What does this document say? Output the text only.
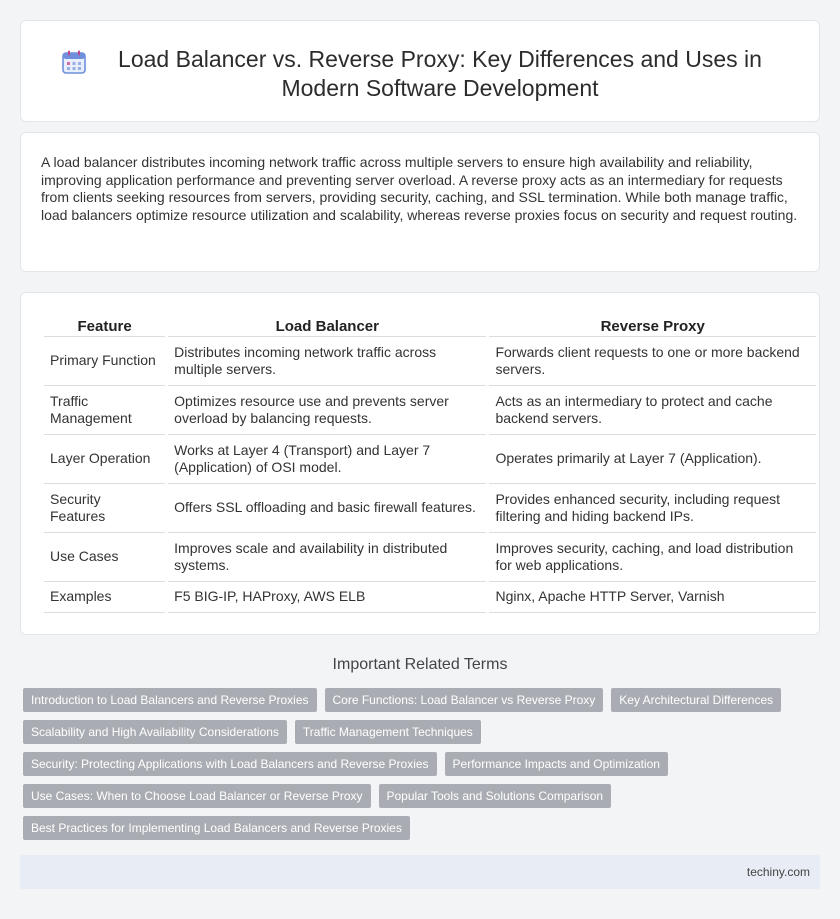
Load Balancer vs. Reverse Proxy: Key Differences and Uses in Modern Software Development

A load balancer distributes incoming network traffic across multiple servers to ensure high availability and reliability, improving application performance and preventing server overload. A reverse proxy acts as an intermediary for requests from clients seeking resources from servers, providing security, caching, and SSL termination. While both manage traffic, load balancers optimize resource utilization and scalability, whereas reverse proxies focus on security and request routing.

Feature	Load Balancer	Reverse Proxy
Primary Function	Distributes incoming network traffic across multiple servers.	Forwards client requests to one or more backend servers.
Traffic Management	Optimizes resource use and prevents server overload by balancing requests.	Acts as an intermediary to protect and cache backend servers.
Layer Operation	Works at Layer 4 (Transport) and Layer 7 (Application) of OSI model.	Operates primarily at Layer 7 (Application).
Security Features	Offers SSL offloading and basic firewall features.	Provides enhanced security, including request filtering and hiding backend IPs.
Use Cases	Improves scale and availability in distributed systems.	Improves security, caching, and load distribution for web applications.
Examples	F5 BIG-IP, HAProxy, AWS ELB	Nginx, Apache HTTP Server, Varnish
Important Related Terms
Introduction to Load Balancers and Reverse Proxies	Core Functions: Load Balancer vs Reverse Proxy	Key Architectural Differences
Scalability and High Availability Considerations	Traffic Management Techniques
Security: Protecting Applications with Load Balancers and Reverse Proxies	Performance Impacts and Optimization
Use Cases: When to Choose Load Balancer or Reverse Proxy	Popular Tools and Solutions Comparison
Best Practices for Implementing Load Balancers and Reverse Proxies
techiny.com
